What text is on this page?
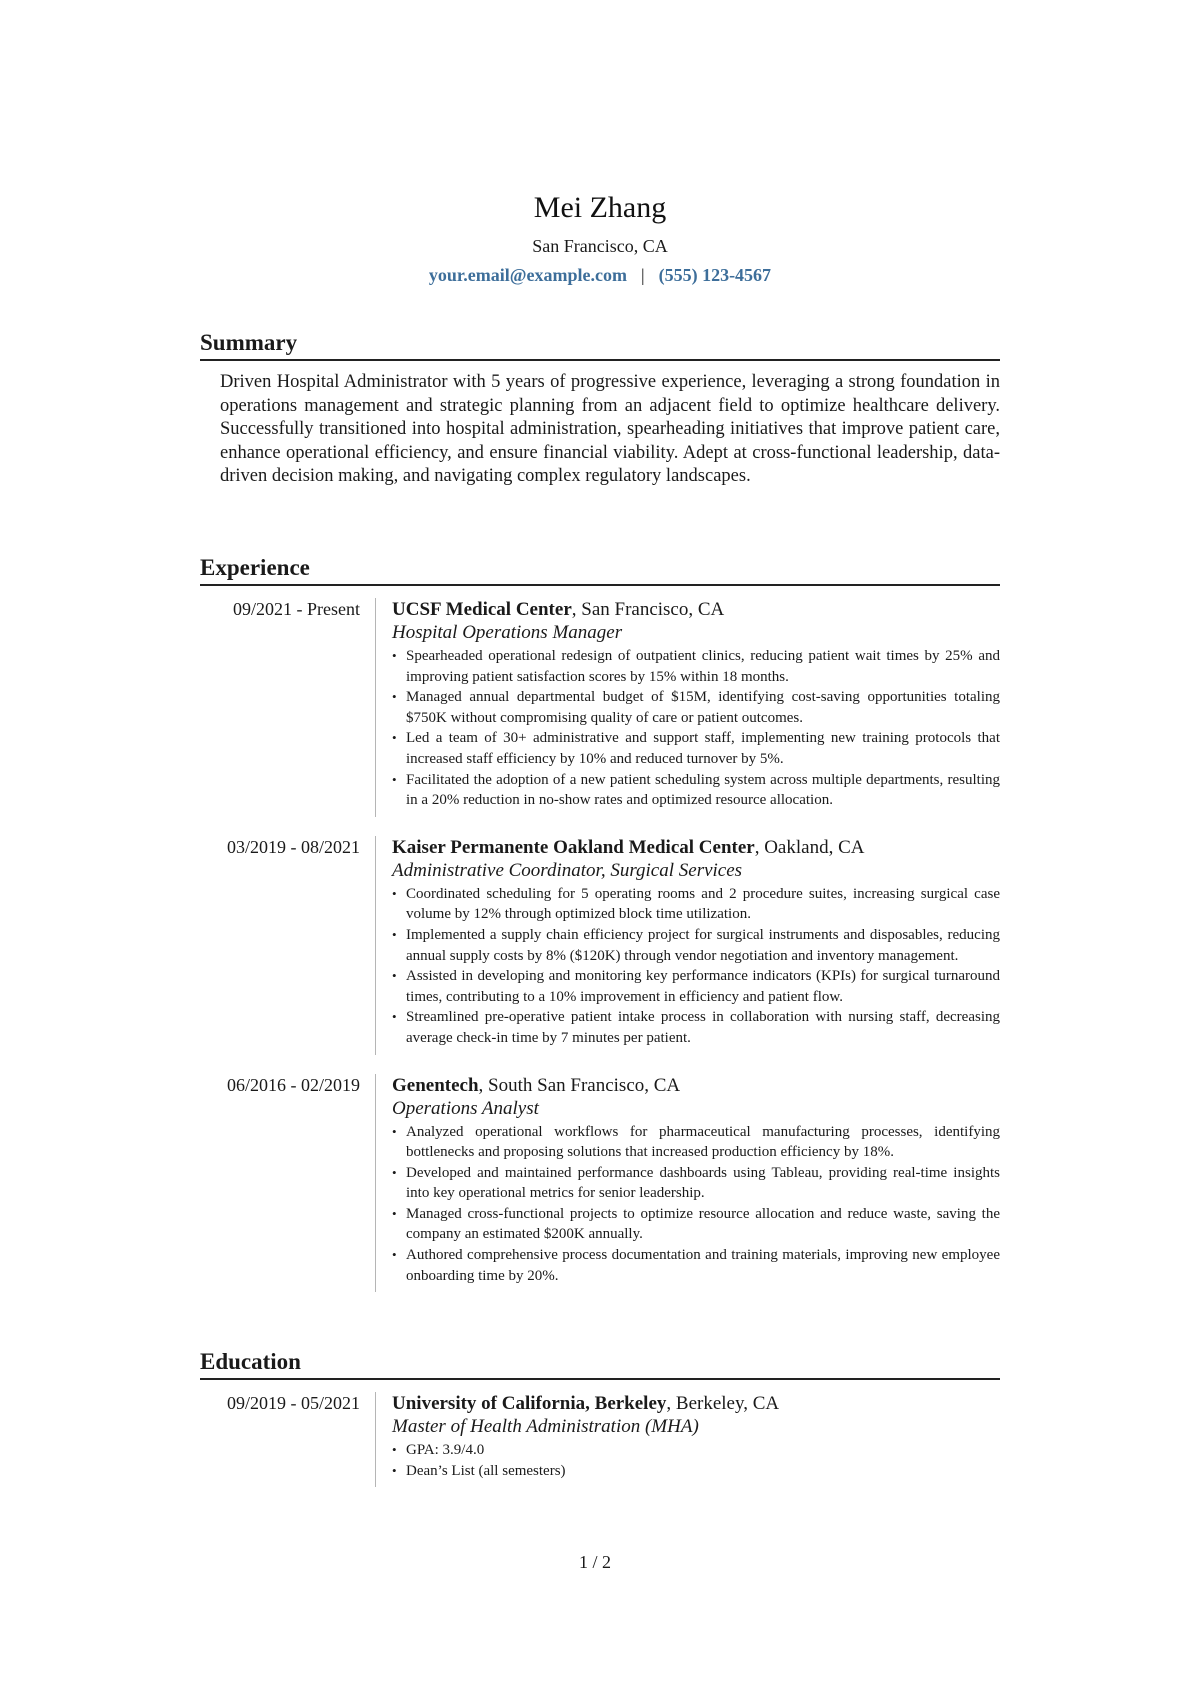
Mei Zhang
San Francisco, CA
your.email@example.com | (555) 123-4567
Summary

Driven Hospital Administrator with 5 years of progressive experience, leveraging a strong foundation in operations management and strategic planning from an adjacent field to optimize healthcare delivery. Successfully transitioned into hospital administration, spearheading initiatives that improve patient care, enhance operational efficiency, and ensure financial viability. Adept at cross-functional leadership, data-driven decision making, and navigating complex regulatory landscapes.

Experience
09/2021 - Present	UCSF Medical Center, San Francisco, CA
Hospital Operations Manager
• Spearheaded operational redesign of outpatient clinics, reducing patient wait times by 25% and improving patient satisfaction scores by 15% within 18 months.
• Managed annual departmental budget of $15M, identifying cost-saving opportunities totaling $750K without compromising quality of care or patient outcomes.
• Led a team of 30+ administrative and support staff, implementing new training protocols that increased staff efficiency by 10% and reduced turnover by 5%.
• Facilitated the adoption of a new patient scheduling system across multiple departments, resulting in a 20% reduction in no-show rates and optimized resource allocation.
03/2019 - 08/2021	Kaiser Permanente Oakland Medical Center, Oakland, CA
Administrative Coordinator, Surgical Services
• Coordinated scheduling for 5 operating rooms and 2 procedure suites, increasing surgical case volume by 12% through optimized block time utilization.
• Implemented a supply chain efficiency project for surgical instruments and disposables, reducing annual supply costs by 8% ($120K) through vendor negotiation and inventory management.
• Assisted in developing and monitoring key performance indicators (KPIs) for surgical turnaround times, contributing to a 10% improvement in efficiency and patient flow.
• Streamlined pre-operative patient intake process in collaboration with nursing staff, decreasing average check-in time by 7 minutes per patient.
06/2016 - 02/2019	Genentech, South San Francisco, CA
Operations Analyst
• Analyzed operational workflows for pharmaceutical manufacturing processes, identifying bottlenecks and proposing solutions that increased production efficiency by 18%.
• Developed and maintained performance dashboards using Tableau, providing real-time insights into key operational metrics for senior leadership.
• Managed cross-functional projects to optimize resource allocation and reduce waste, saving the company an estimated $200K annually.
• Authored comprehensive process documentation and training materials, improving new employee onboarding time by 20%.
Education
09/2019 - 05/2021	University of California, Berkeley, Berkeley, CA
Master of Health Administration (MHA)
• GPA: 3.9/4.0
• Dean’s List (all semesters)
1 / 2
